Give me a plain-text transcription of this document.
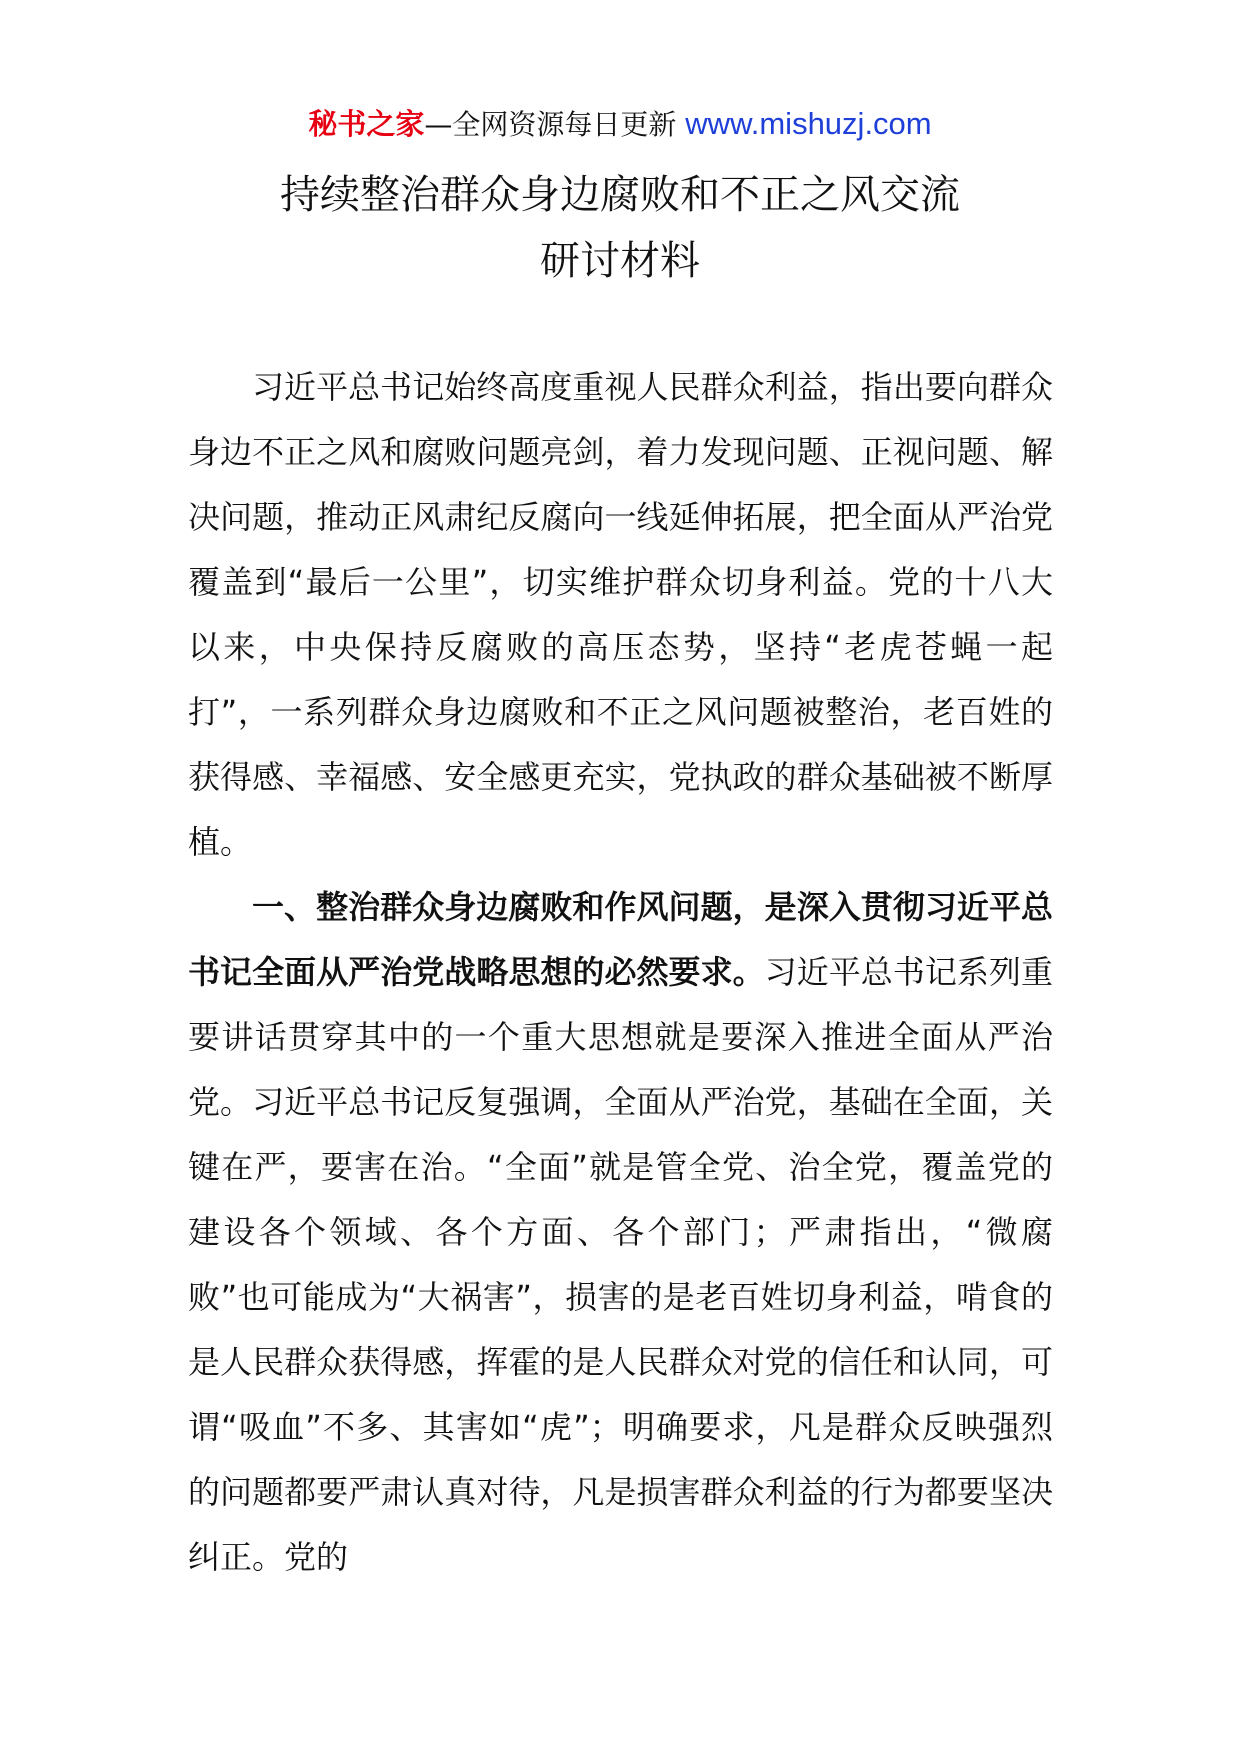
秘书之家—全网资源每日更新 www.mishuzj.com
持续整治群众身边腐败和不正之风交流
研讨材料

习近平总书记始终高度重视人民群众利益，指出要向群众身边不正之风和腐败问题亮剑，着力发现问题、正视问题、解决问题，推动正风肃纪反腐向一线延伸拓展，把全面从严治党覆盖到“最后一公里”，切实维护群众切身利益。党的十八大以来，中央保持反腐败的高压态势，坚持“老虎苍蝇一起打”，一系列群众身边腐败和不正之风问题被整治，老百姓的获得感、幸福感、安全感更充实，党执政的群众基础被不断厚植。

一、整治群众身边腐败和作风问题，是深入贯彻习近平总书记全面从严治党战略思想的必然要求。习近平总书记系列重要讲话贯穿其中的一个重大思想就是要深入推进全面从严治党。习近平总书记反复强调，全面从严治党，基础在全面，关键在严，要害在治。“全面”就是管全党、治全党，覆盖党的建设各个领域、各个方面、各个部门；严肃指出，“微腐败”也可能成为“大祸害”，损害的是老百姓切身利益，啃食的是人民群众获得感，挥霍的是人民群众对党的信任和认同，可谓“吸血”不多、其害如“虎”；明确要求，凡是群众反映强烈的问题都要严肃认真对待，凡是损害群众利益的行为都要坚决纠正。党的
